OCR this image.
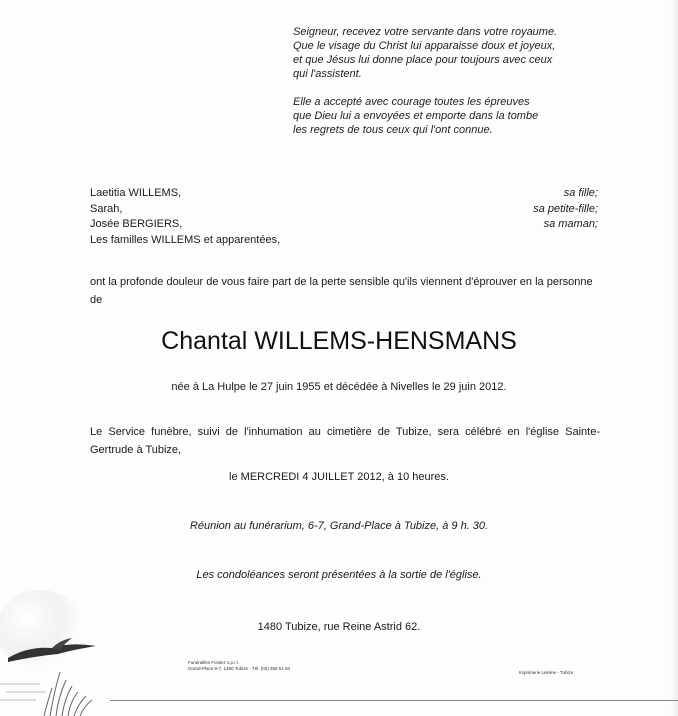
Seigneur, recevez votre servante dans votre royaume.
Que le visage du Christ lui apparaisse doux et joyeux,
et que Jésus lui donne place pour toujours avec ceux
qui l'assistent.
Elle a accepté avec courage toutes les épreuves
que Dieu lui a envoyées et emporte dans la tombe
les regrets de tous ceux qui l'ont connue.
Laetitia WILLEMS,
Sarah,
Josée BERGIERS,
Les familles WILLEMS et apparentées,
sa fille;
sa petite-fille;
sa maman;
ont la profonde douleur de vous faire part de la perte sensible qu'ils viennent d'éprouver en la personne de
Chantal WILLEMS-HENSMANS
née à La Hulpe le 27 juin 1955 et décédée à Nivelles le 29 juin 2012.
Le Service funèbre, suivi de l'inhumation au cimetière de Tubize, sera célébré en l'église Sainte-Gertrude à Tubize,
le MERCREDI 4 JUILLET 2012, à 10 heures.
Réunion au funérarium, 6-7, Grand-Place à Tubize, à 9 h. 30.
Les condoléances seront présentées à la sortie de l'église.
1480 Tubize, rue Reine Astrid 62.
Funérailles Fostiez s.p.r.l.
Grand-Place 6-7, 1480 Tubize - Tél. (02) 355 51 94
Imprimerie Lekime - Tubize
